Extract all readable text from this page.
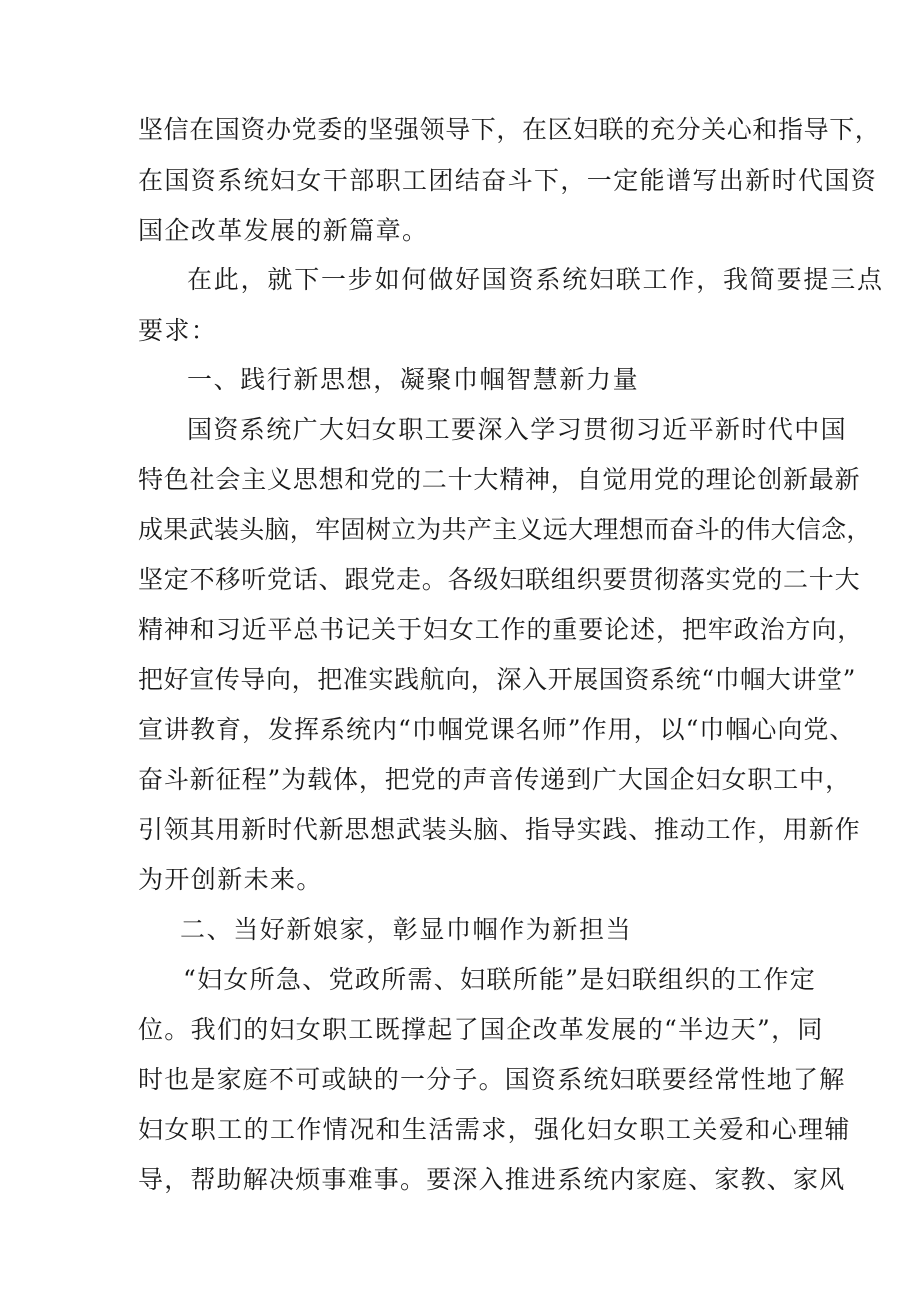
坚信在国资办党委的坚强领导下，在区妇联的充分关心和指导下，
在国资系统妇女干部职工团结奋斗下，一定能谱写出新时代国资
国企改革发展的新篇章。
在此，就下一步如何做好国资系统妇联工作，我简要提三点
要求：
一、践行新思想，凝聚巾帼智慧新力量
国资系统广大妇女职工要深入学习贯彻习近平新时代中国
特色社会主义思想和党的二十大精神，自觉用党的理论创新最新
成果武装头脑，牢固树立为共产主义远大理想而奋斗的伟大信念，
坚定不移听党话、跟党走。各级妇联组织要贯彻落实党的二十大
精神和习近平总书记关于妇女工作的重要论述，把牢政治方向，
把好宣传导向，把准实践航向，深入开展国资系统“巾帼大讲堂”
宣讲教育，发挥系统内“巾帼党课名师”作用，以“巾帼心向党、
奋斗新征程”为载体，把党的声音传递到广大国企妇女职工中，
引领其用新时代新思想武装头脑、指导实践、推动工作，用新作
为开创新未来。
二、当好新娘家，彰显巾帼作为新担当
“妇女所急、党政所需、妇联所能”是妇联组织的工作定
位。我们的妇女职工既撑起了国企改革发展的“半边天”，同
时也是家庭不可或缺的一分子。国资系统妇联要经常性地了解
妇女职工的工作情况和生活需求，强化妇女职工关爱和心理辅
导，帮助解决烦事难事。要深入推进系统内家庭、家教、家风
